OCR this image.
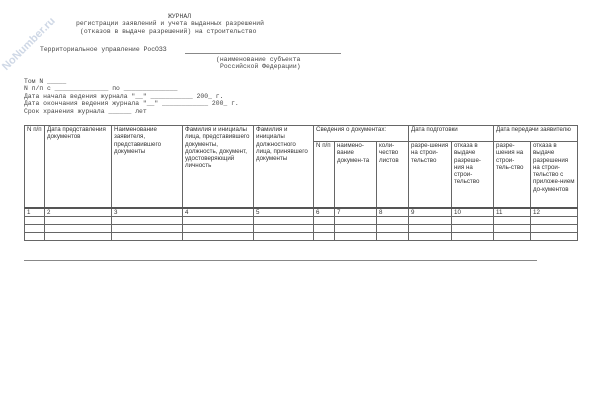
NoNumber.ru	ЖУРНАЛ
регистрации заявлений и учета выданных разрешений
(отказов в выдаче разрешений) на строительство
Территориальное управление РосОЗЗ
(наименование субъекта
Российской Федерации)
Том N _____
N п/п с ______________ по ______________
Дата начала ведения журнала "__" ___________ 200_ г.
Дата окончания ведения журнала "__" ____________ 200_ г.
Срок хранения журнала ______ лет
N п/п	Дата представления документов	Наименование заявителя, представившего документы	Фамилия и инициалы лица, представившего документы, должность, документ, удостоверяющий личность	Фамилия и инициалы должностного лица, принявшего документы	Сведения о документах:			Дата подготовки		Дата передачи заявителю	
					N п/п	наимено-вание докумен-та	коли-чество листов	разре-шения на строи-тельство	отказа в выдаче разреше-ния на строи-тельство	разре-шения на строи-тель-ство	отказа в выдаче разрешения на строи-тельство с приложе-нием до-кументов
1	2	3	4	5	6	7	8	9	10	11	12
